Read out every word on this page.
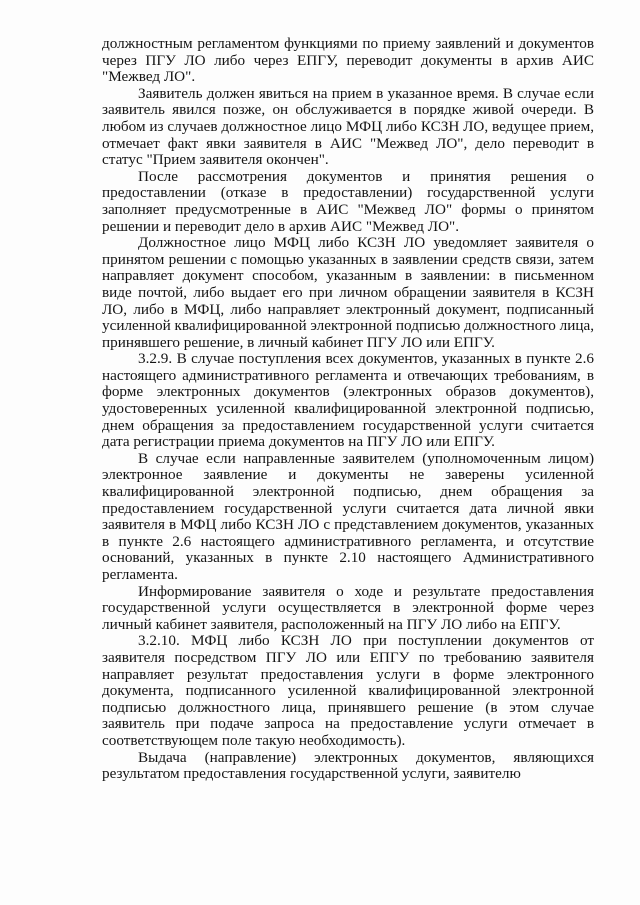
должностным регламентом функциями по приему заявлений и документов через ПГУ ЛО либо через ЕПГУ, переводит документы в архив АИС "Межвед ЛО".

Заявитель должен явиться на прием в указанное время. В случае если заявитель явился позже, он обслуживается в порядке живой очереди. В любом из случаев должностное лицо МФЦ либо КСЗН ЛО, ведущее прием, отмечает факт явки заявителя в АИС "Межвед ЛО", дело переводит в статус "Прием заявителя окончен".

После рассмотрения документов и принятия решения о предоставлении (отказе в предоставлении) государственной услуги заполняет предусмотренные в АИС "Межвед ЛО" формы о принятом решении и переводит дело в архив АИС "Межвед ЛО".

Должностное лицо МФЦ либо КСЗН ЛО уведомляет заявителя о принятом решении с помощью указанных в заявлении средств связи, затем направляет документ способом, указанным в заявлении: в письменном виде почтой, либо выдает его при личном обращении заявителя в КСЗН ЛО, либо в МФЦ, либо направляет электронный документ, подписанный усиленной квалифицированной электронной подписью должностного лица, принявшего решение, в личный кабинет ПГУ ЛО или ЕПГУ.

3.2.9. В случае поступления всех документов, указанных в пункте 2.6 настоящего административного регламента и отвечающих требованиям, в форме электронных документов (электронных образов документов), удостоверенных усиленной квалифицированной электронной подписью, днем обращения за предоставлением государственной услуги считается дата регистрации приема документов на ПГУ ЛО или ЕПГУ.

В случае если направленные заявителем (уполномоченным лицом) электронное заявление и документы не заверены усиленной квалифицированной электронной подписью, днем обращения за предоставлением государственной услуги считается дата личной явки заявителя в МФЦ либо КСЗН ЛО с представлением документов, указанных в пункте 2.6 настоящего административного регламента, и отсутствие оснований, указанных в пункте 2.10 настоящего Административного регламента.

Информирование заявителя о ходе и результате предоставления государственной услуги осуществляется в электронной форме через личный кабинет заявителя, расположенный на ПГУ ЛО либо на ЕПГУ.

3.2.10. МФЦ либо КСЗН ЛО при поступлении документов от заявителя посредством ПГУ ЛО или ЕПГУ по требованию заявителя направляет результат предоставления услуги в форме электронного документа, подписанного усиленной квалифицированной электронной подписью должностного лица, принявшего решение (в этом случае заявитель при подаче запроса на предоставление услуги отмечает в соответствующем поле такую необходимость).

Выдача (направление) электронных документов, являющихся результатом предоставления государственной услуги, заявителю
